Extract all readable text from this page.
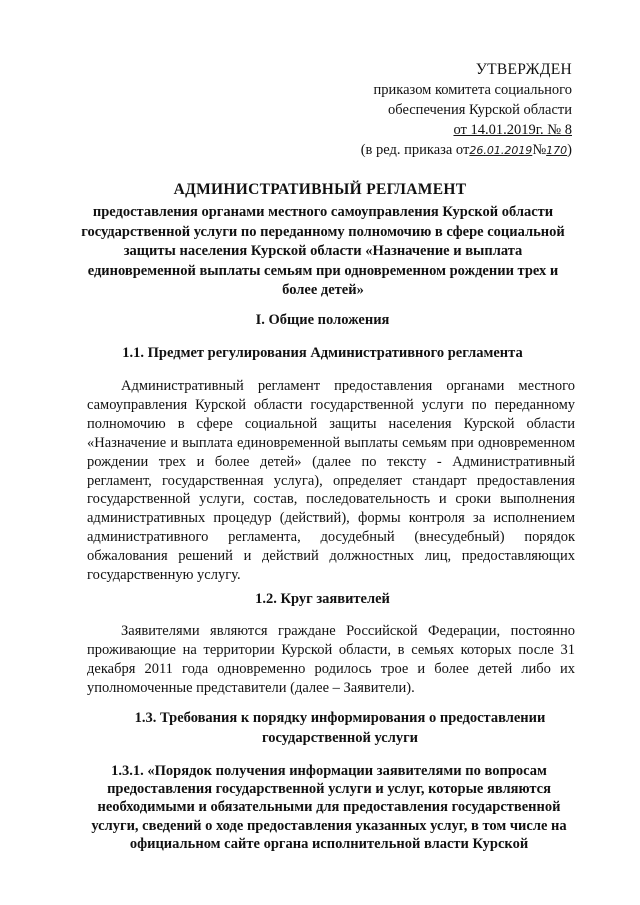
УТВЕРЖДЕН
приказом комитета социального
обеспечения Курской области
от 14.01.2019г. № 8
(в ред. приказа от26.01.2019№170)
АДМИНИСТРАТИВНЫЙ РЕГЛАМЕНТ
предоставления органами местного самоуправления Курской области государственной услуги по переданному полномочию в сфере социальной защиты населения Курской области «Назначение и выплата единовременной выплаты семьям при одновременном рождении трех и более детей»
I. Общие положения
1.1. Предмет регулирования Административного регламента
Административный регламент предоставления органами местного самоуправления Курской области государственной услуги по переданному полномочию в сфере социальной защиты населения Курской области «Назначение и выплата единовременной выплаты семьям при одновременном рождении трех и более детей» (далее по тексту - Административный регламент, государственная услуга), определяет стандарт предоставления государственной услуги, состав, последовательность и сроки выполнения административных процедур (действий), формы контроля за исполнением административного регламента, досудебный (внесудебный) порядок обжалования решений и действий должностных лиц, предоставляющих государственную услугу.
1.2. Круг заявителей
Заявителями являются граждане Российской Федерации, постоянно проживающие на территории Курской области, в семьях которых после 31 декабря 2011 года одновременно родилось трое и более детей либо их уполномоченные представители (далее – Заявители).
1.3. Требования к порядку информирования о предоставлении государственной услуги
1.3.1. «Порядок получения информации заявителями по вопросам предоставления государственной услуги и услуг, которые являются необходимыми и обязательными для предоставления государственной услуги, сведений о ходе предоставления указанных услуг, в том числе на официальном сайте органа исполнительной власти Курской
